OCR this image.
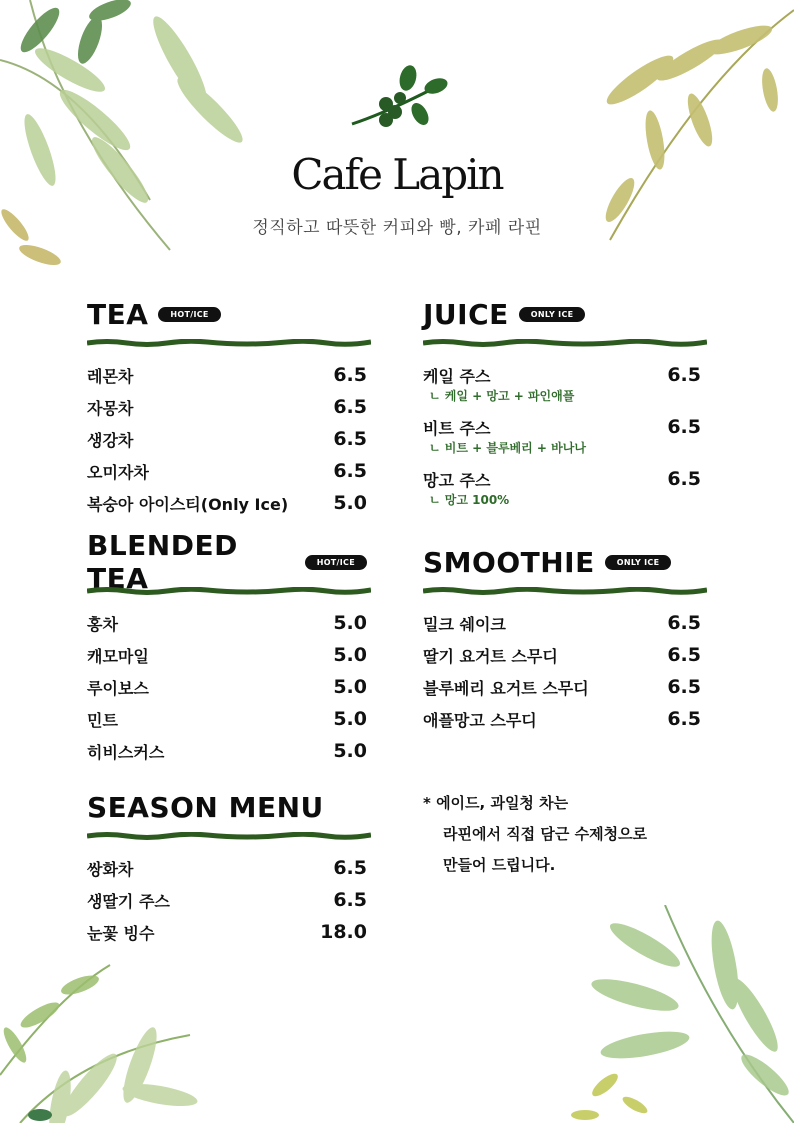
Cafe Lapin
정직하고 따뜻한 커피와 빵, 카페 라핀
TEA	HOT/ICE
레몬차	6.5
자몽차	6.5
생강차	6.5
오미자차	6.5
복숭아 아이스티(Only Ice) 5.0
BLENDED TEA	HOT/ICE
홍차	5.0
캐모마일	5.0
루이보스	5.0
민트	5.0
히비스커스	5.0
SEASON MENU
쌍화차	6.5
생딸기 주스	6.5
눈꽃 빙수	18.0
JUICE	ONLY ICE
케일 주스	6.5
ㄴ 케일 + 망고 + 파인애플
비트 주스	6.5
ㄴ 비트 + 블루베리 + 바나나
망고 주스	6.5
ㄴ 망고 100%
SMOOTHIE	ONLY ICE
밀크 쉐이크	6.5
딸기 요거트 스무디	6.5
블루베리 요거트 스무디	6.5
애플망고 스무디	6.5
* 에이드, 과일청 차는
라핀에서 직접 담근 수제청으로
만들어 드립니다.
